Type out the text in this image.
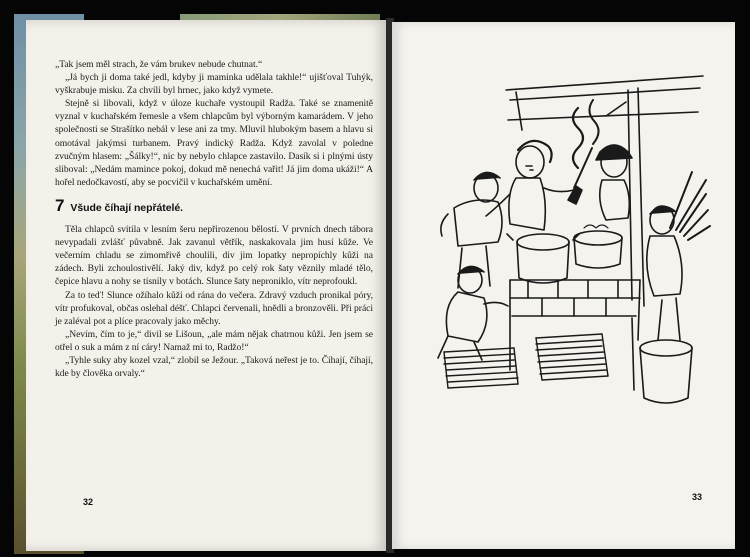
„Tak jsem měl strach, že vám brukev nebude chutnat.“

„Já bych ji doma také jedl, kdyby ji maminka udělala takhle!“ ujišťoval Tuhýk, vyškrabuje misku. Za chvíli byl hrnec, jako když vymete.

Stejně si libovali, když v úloze kuchaře vystoupil Radža. Také se znamenitě vyznal v kuchařském řemesle a všem chlapcům byl výborným kamarádem. V jeho společnosti se Strašítko nebál v lese ani za tmy. Mluvil hlubokým basem a hlavu si omotával jakýmsi turbanem. Pravý indický Radža. Když zavolal v poledne zvučným hlasem: „Šálky!“, nic by nebylo chlapce zastavilo. Dasík si i plnými ústy sliboval: „Nedám mamince pokoj, dokud mě nenechá vařit! Já jim doma ukáži!“ A hořel nedočkavostí, aby se pocvičil v kuchařském umění.

7 Všude číhají nepřátelé.

Těla chlapců svítila v lesním šeru nepřirozenou bělostí. V prvních dnech tábora nevypadali zvlášť půvabně. Jak zavanul větřík, naskakovala jim husí kůže. Ve večerním chladu se zimomřivě choulili, div jim lopatky nepropíchly kůži na zádech. Byli zchoulostivělí. Jaký div, když po celý rok šaty věznily mladé tělo, čepice hlavu a nohy se tísnily v botách. Slunce šaty neproniklo, vítr neprofoukl.

Za to teď! Slunce ožíhalo kůži od rána do večera. Zdravý vzduch pronikal póry, vítr profukoval, občas oslehal déšť. Chlapci červenali, hnědli a bronzověli. Při práci je zaléval pot a plíce pracovaly jako měchy.

„Nevím, čím to je,“ divil se Lišoun, „ale mám nějak chatrnou kůži. Jen jsem se otřel o suk a mám z ní cáry! Namaž mi to, Radžo!“

„Tyhle suky aby kozel vzal,“ zlobil se Ježour. „Taková neřest je to. Číhají, číhají, kde by člověka orvaly.“

32	33
